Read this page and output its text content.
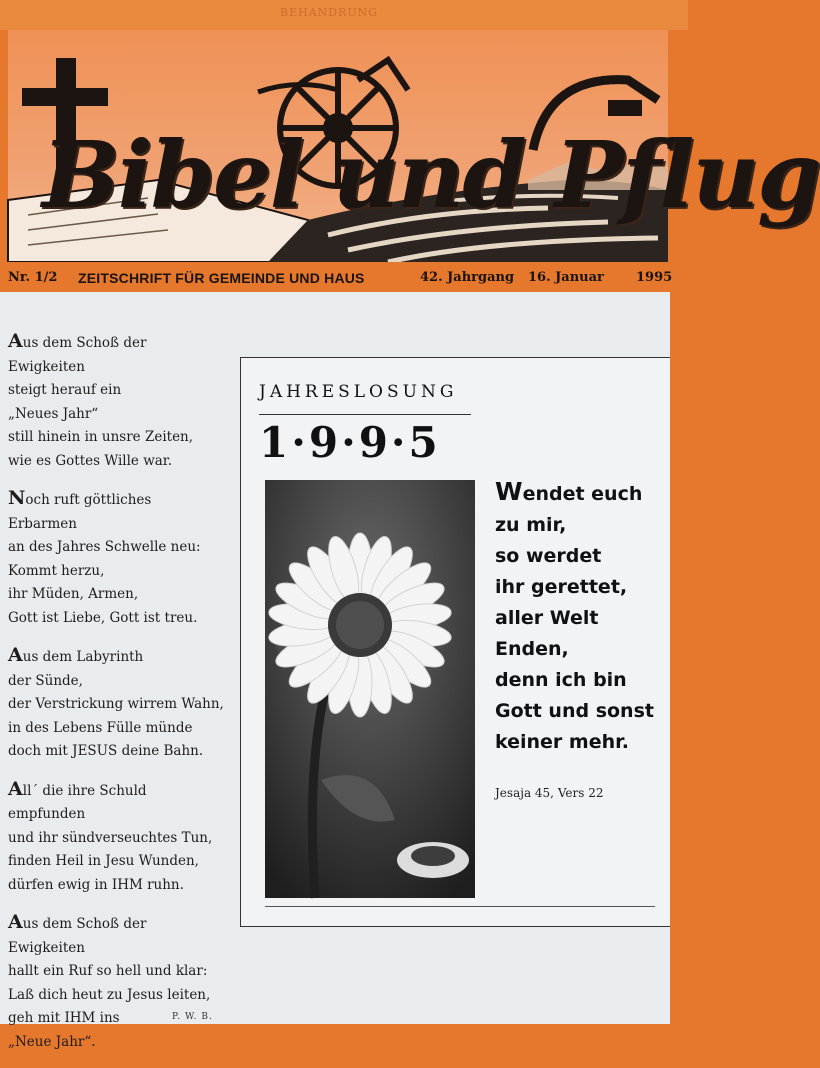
BEHANDRUNG
Bibel und Pflug
Nr. 1/2 ZEITSCHRIFT FÜR GEMEINDE UND HAUS	42. Jahrgang 16. Januar 1995
Aus dem Schoß der
Ewigkeiten
steigt herauf ein
„Neues Jahr“
still hinein in unsre Zeiten,
wie es Gottes Wille war.
Noch ruft göttliches
Erbarmen
an des Jahres Schwelle neu:
Kommt herzu,
ihr Müden, Armen,
Gott ist Liebe, Gott ist treu.
Aus dem Labyrinth
der Sünde,
der Verstrickung wirrem Wahn,
in des Lebens Fülle münde
doch mit JESUS deine Bahn.
All´ die ihre Schuld
empfunden
und ihr sündverseuchtes Tun,
finden Heil in Jesu Wunden,
dürfen ewig in IHM ruhn.
Aus dem Schoß der
Ewigkeiten
hallt ein Ruf so hell und klar:
Laß dich heut zu Jesus leiten,
geh mit IHM ins
„Neue Jahr“.
P. W. B.
JAHRESLOSUNG
1·9·9·5
Wendet euch
zu mir,
so werdet
ihr gerettet,
aller Welt
Enden,
denn ich bin
Gott und sonst
keiner mehr.
Jesaja 45, Vers 22
